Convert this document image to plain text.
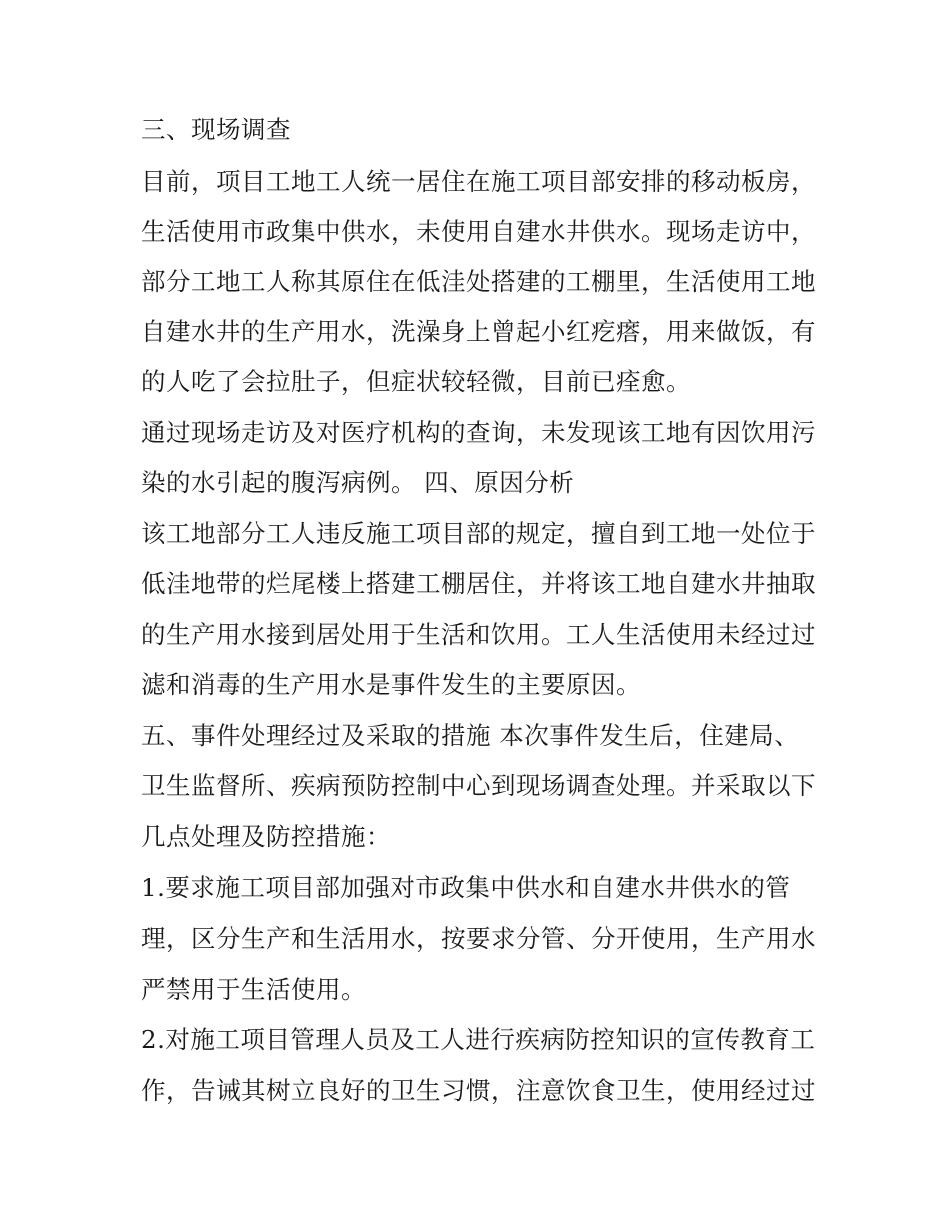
三、现场调查
目前，项目工地工人统一居住在施工项目部安排的移动板房，
生活使用市政集中供水，未使用自建水井供水。现场走访中，
部分工地工人称其原住在低洼处搭建的工棚里，生活使用工地
自建水井的生产用水，洗澡身上曾起小红疙瘩，用来做饭，有
的人吃了会拉肚子，但症状较轻微，目前已痊愈。
通过现场走访及对医疗机构的查询，未发现该工地有因饮用污
染的水引起的腹泻病例。 四、原因分析
该工地部分工人违反施工项目部的规定，擅自到工地一处位于
低洼地带的烂尾楼上搭建工棚居住，并将该工地自建水井抽取
的生产用水接到居处用于生活和饮用。工人生活使用未经过过
滤和消毒的生产用水是事件发生的主要原因。
五、事件处理经过及采取的措施 本次事件发生后，住建局、
卫生监督所、疾病预防控制中心到现场调查处理。并采取以下
几点处理及防控措施：
1.要求施工项目部加强对市政集中供水和自建水井供水的管
理，区分生产和生活用水，按要求分管、分开使用，生产用水
严禁用于生活使用。
2.对施工项目管理人员及工人进行疾病防控知识的宣传教育工
作，告诫其树立良好的卫生习惯，注意饮食卫生，使用经过过
